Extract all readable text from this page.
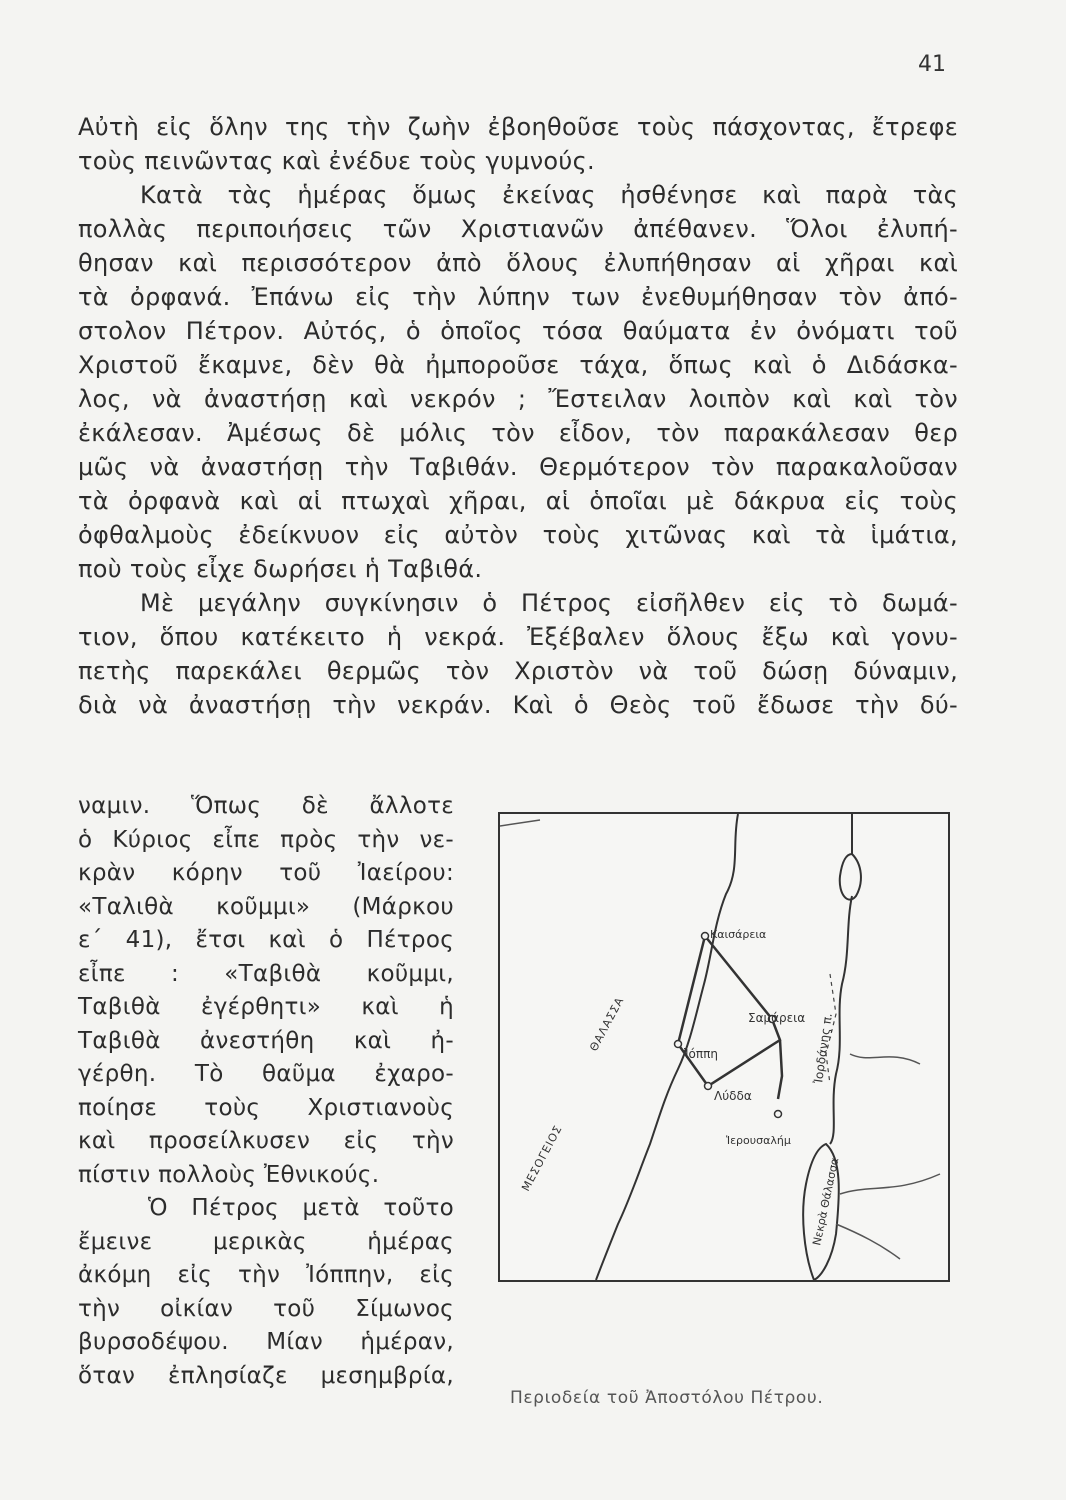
41
Αὐτὴ εἰς ὅλην της τὴν ζωὴν ἐβοηθοῦσε τοὺς πάσχοντας, ἔτρεφε
τοὺς πεινῶντας καὶ ἐνέδυε τοὺς γυμνούς.
Κατὰ τὰς ἡμέρας ὅμως ἐκείνας ἠσθένησε καὶ παρὰ τὰς
πολλὰς περιποιήσεις τῶν Χριστιανῶν ἀπέθανεν. Ὅλοι ἐλυπή-
θησαν καὶ περισσότερον ἀπὸ ὅλους ἐλυπήθησαν αἱ χῆραι καὶ
τὰ ὀρφανά. Ἐπάνω εἰς τὴν λύπην των ἐνεθυμήθησαν τὸν ἀπό-
στολον Πέτρον. Αὐτός, ὁ ὁποῖος τόσα θαύματα ἐν ὀνόματι τοῦ
Χριστοῦ ἔκαμνε, δὲν θὰ ἠμποροῦσε τάχα, ὅπως καὶ ὁ Διδάσκα-
λος, νὰ ἀναστήσῃ καὶ νεκρόν ; Ἔστειλαν λοιπὸν καὶ καὶ τὸν
ἐκάλεσαν. Ἀμέσως δὲ μόλις τὸν εἶδον, τὸν παρακάλεσαν θερ
μῶς νὰ ἀναστήσῃ τὴν Ταβιθάν. Θερμότερον τὸν παρακαλοῦσαν
τὰ ὀρφανὰ καὶ αἱ πτωχαὶ χῆραι, αἱ ὁποῖαι μὲ δάκρυα εἰς τοὺς
ὀφθαλμοὺς ἐδείκνυον εἰς αὐτὸν τοὺς χιτῶνας καὶ τὰ ἱμάτια,
ποὺ τοὺς εἶχε δωρήσει ἡ Ταβιθά.
Μὲ μεγάλην συγκίνησιν ὁ Πέτρος εἰσῆλθεν εἰς τὸ δωμά-
τιον, ὅπου κατέκειτο ἡ νεκρά. Ἐξέβαλεν ὅλους ἔξω καὶ γονυ-
πετὴς παρεκάλει θερμῶς τὸν Χριστὸν νὰ τοῦ δώσῃ δύναμιν,
διὰ νὰ ἀναστήσῃ τὴν νεκράν. Καὶ ὁ Θεὸς τοῦ ἔδωσε τὴν δύ-
ναμιν. Ὅπως δὲ ἄλλοτε
ὁ Κύριος εἶπε πρὸς τὴν νε-
κρὰν κόρην τοῦ Ἰαείρου:
«Ταλιθὰ κοῦμμι» (Μάρκου
ε΄ 41), ἔτσι καὶ ὁ Πέτρος
εἶπε : «Ταβιθὰ κοῦμμι,
Ταβιθὰ ἐγέρθητι» καὶ ἡ
Ταβιθὰ ἀνεστήθη καὶ ἠ-
γέρθη. Τὸ θαῦμα ἐχαρο-
ποίησε τοὺς Χριστιανοὺς
καὶ προσείλκυσεν εἰς τὴν
πίστιν πολλοὺς Ἐθνικούς.
Ὁ Πέτρος μετὰ τοῦτο
ἔμεινε μερικὰς ἡμέρας
ἀκόμη εἰς τὴν Ἰόππην, εἰς
τὴν οἰκίαν τοῦ Σίμωνος
βυρσοδέψου. Μίαν ἡμέραν,
ὅταν ἐπλησίαζε μεσημβρία,
Καισάρεια
Σαμάρεια
Ἰόππη
Λύδδα
Ἱερουσαλήμ
Ἰορδάνης π.
ΘΑΛΑΣΣΑ
ΜΕΣΟΓΕΙΟΣ	Νεκρὰ Θάλασσα
Περιοδεία τοῦ Ἀποστόλου Πέτρου.
